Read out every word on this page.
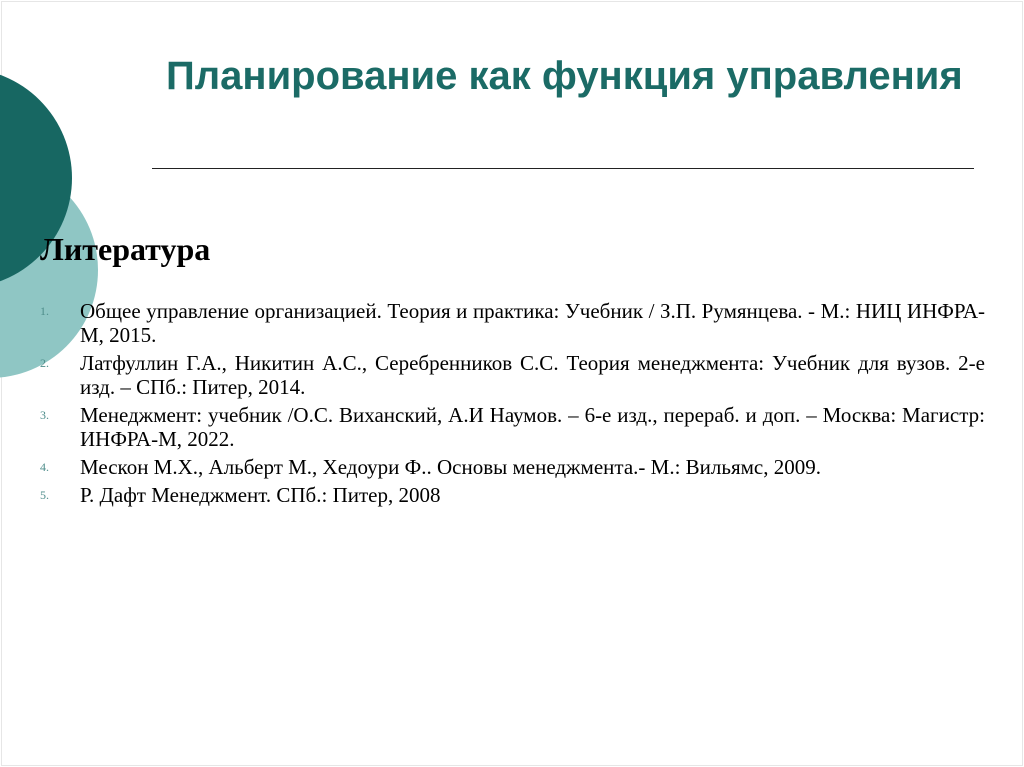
Планирование как функция управления
Литература
1.	Общее управление организацией. Теория и практика: Учебник / З.П. Румянцева. - М.: НИЦ ИНФРА-М, 2015.
2.	Латфуллин Г.А., Никитин А.С., Серебренников С.С. Теория менеджмента: Учебник для вузов. 2-е изд. – СПб.: Питер, 2014.
3.	Менеджмент: учебник /О.С. Виханский, А.И Наумов. – 6-е изд., перераб. и доп. – Москва: Магистр: ИНФРА-М, 2022.
4.	Мескон М.Х., Альберт М., Хедоури Ф.. Основы менеджмента.- М.: Вильямс, 2009.
5.	Р. Дафт Менеджмент. СПб.: Питер, 2008
